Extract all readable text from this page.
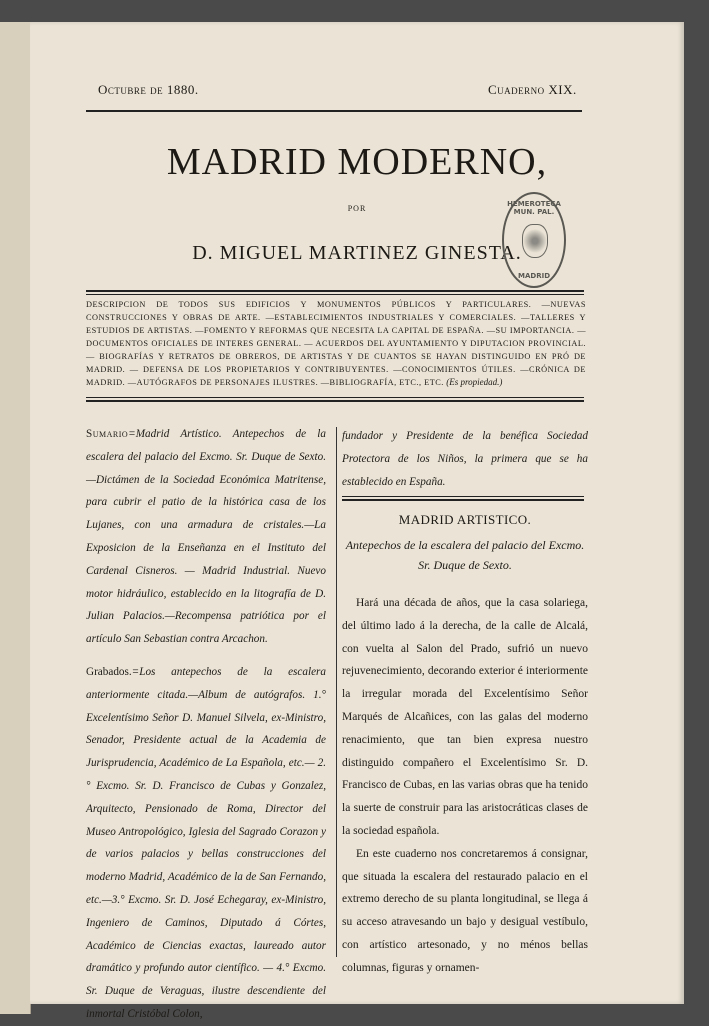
Octubre de 1880.	Cuaderno XIX.
MADRID MODERNO,
POR
D. MIGUEL MARTINEZ GINESTA.
HEMEROTECA MUN. PAL.
MADRID
DESCRIPCION DE TODOS SUS EDIFICIOS Y MONUMENTOS PÚBLICOS Y PARTICULARES. —NUEVAS CONSTRUCCIONES Y OBRAS DE ARTE. —ESTABLECIMIENTOS INDUSTRIALES Y COMERCIALES. —TALLERES Y ESTUDIOS DE ARTISTAS. —FOMENTO Y REFORMAS QUE NECESITA LA CAPITAL DE ESPAÑA. —SU IMPORTANCIA. —DOCUMENTOS OFICIALES DE INTERES GENERAL. — ACUERDOS DEL AYUNTAMIENTO Y DIPUTACION PROVINCIAL. — BIOGRAFÍAS Y RETRATOS DE OBREROS, DE ARTISTAS Y DE CUANTOS SE HAYAN DISTINGUIDO EN PRÓ DE MADRID. — DEFENSA DE LOS PROPIETARIOS Y CONTRIBUYENTES. —CONOCIMIENTOS ÚTILES. —CRÓNICA DE MADRID. —AUTÓGRAFOS DE PERSONAJES ILUSTRES. —BIBLIOGRAFÍA, ETC., ETC. (Es propiedad.)

Sumario=Madrid Artístico. Antepechos de la escalera del palacio del Excmo. Sr. Duque de Sexto.—Dictámen de la Sociedad Económica Matritense, para cubrir el patio de la histórica casa de los Lujanes, con una armadura de cristales.—La Exposicion de la Enseñanza en el Instituto del Cardenal Cisneros. — Madrid Industrial. Nuevo motor hidráulico, establecido en la litografía de D. Julian Palacios.—Recompensa patriótica por el artículo San Sebastian contra Arcachon.

Grabados.=Los antepechos de la escalera anteriormente citada.—Album de autógrafos. 1.° Excelentísimo Señor D. Manuel Silvela, ex-Ministro, Senador, Presidente actual de la Academia de Jurisprudencia, Académico de La Española, etc.— 2.° Excmo. Sr. D. Francisco de Cubas y Gonzalez, Arquitecto, Pensionado de Roma, Director del Museo Antropológico, Iglesia del Sagrado Corazon y de varios palacios y bellas construcciones del moderno Madrid, Académico de la de San Fernando, etc.—3.° Excmo. Sr. D. José Echegaray, ex-Ministro, Ingeniero de Caminos, Diputado á Córtes, Académico de Ciencias exactas, laureado autor dramático y profundo autor científico. — 4.° Excmo. Sr. Duque de Veraguas, ilustre descendiente del inmortal Cristóbal Colon,

fundador y Presidente de la benéfica Sociedad Protectora de los Niños, la primera que se ha establecido en España.
MADRID ARTISTICO.
Antepechos de la escalera del palacio del Excmo. Sr. Duque de Sexto.

Hará una década de años, que la casa solariega, del último lado á la derecha, de la calle de Alcalá, con vuelta al Salon del Prado, sufrió un nuevo rejuvenecimiento, decorando exterior é interiormente la irregular morada del Excelentísimo Señor Marqués de Alcañices, con las galas del moderno renacimiento, que tan bien expresa nuestro distinguido compañero el Excelentísimo Sr. D. Francisco de Cubas, en las varias obras que ha tenido la suerte de construir para las aristocráticas clases de la sociedad española.

En este cuaderno nos concretaremos á consignar, que situada la escalera del restaurado palacio en el extremo derecho de su planta longitudinal, se llega á su acceso atravesando un bajo y desigual vestíbulo, con artístico artesonado, y no ménos bellas columnas, figuras y ornamen-
